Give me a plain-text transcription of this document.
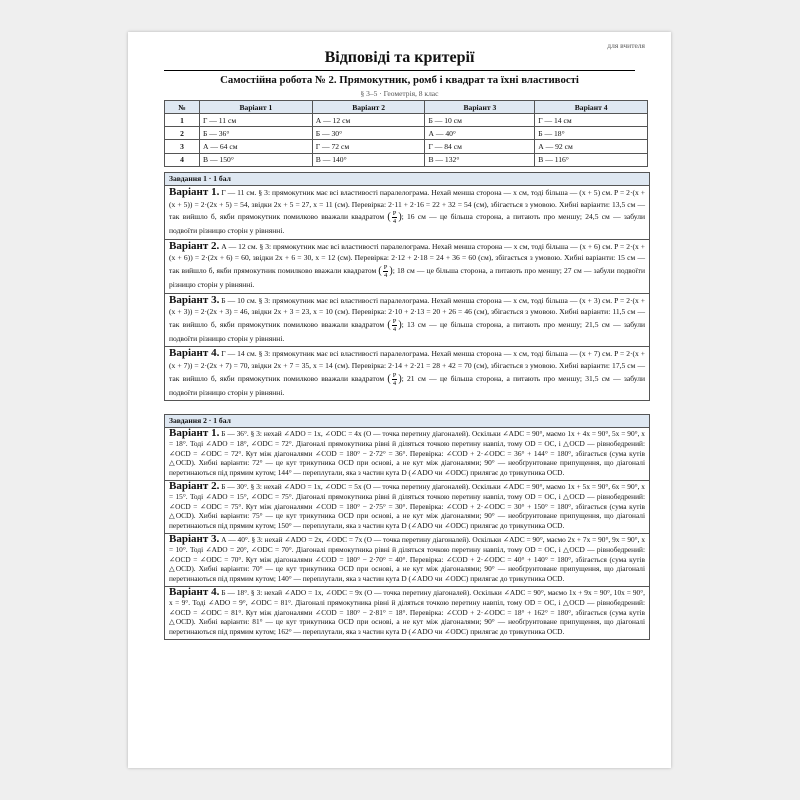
для вчителя
Відповіді та критерії
Самостійна робота № 2. Прямокутник, ромб і квадрат та їхні властивості
§ 3–5 · Геометрія, 8 клас
№	Варіант 1	Варіант 2	Варіант 3	Варіант 4
1	Г — 11 см	А — 12 см	Б — 10 см	Г — 14 см
2	Б — 36°	Б — 30°	А — 40°	Б — 18°
3	А — 64 см	Г — 72 см	Г — 84 см	А — 92 см
4	В — 150°	В — 140°	В — 132°	В — 116°
Завдання 1 · 1 бал
Варіант 1. Г — 11 см. § 3: прямокутник має всі властивості паралелограма. Нехай менша сторона — x см, тоді більша — (x + 5) см. P = 2·(x + (x + 5)) = 2·(2x + 5) = 54, звідки 2x + 5 = 27, x = 11 (см). Перевірка: 2·11 + 2·16 = 22 + 32 = 54 (см), збігається з умовою. Хибні варіанти: 13,5 см — так вийшло б, якби прямокутник помилково вважали квадратом ( $\frac{P}{4}$ ); 16 см — це більша сторона, а питають про меншу; 24,5 см — забули подвоїти різницю сторін у рівнянні.
Варіант 2. А — 12 см. § 3: прямокутник має всі властивості паралелограма. Нехай менша сторона — x см, тоді більша — (x + 6) см. P = 2·(x + (x + 6)) = 2·(2x + 6) = 60, звідки 2x + 6 = 30, x = 12 (см). Перевірка: 2·12 + 2·18 = 24 + 36 = 60 (см), збігається з умовою. Хибні варіанти: 15 см — так вийшло б, якби прямокутник помилково вважали квадратом ( $\frac{P}{4}$ ); 18 см — це більша сторона, а питають про меншу; 27 см — забули подвоїти різницю сторін у рівнянні.
Варіант 3. Б — 10 см. § 3: прямокутник має всі властивості паралелограма. Нехай менша сторона — x см, тоді більша — (x + 3) см. P = 2·(x + (x + 3)) = 2·(2x + 3) = 46, звідки 2x + 3 = 23, x = 10 (см). Перевірка: 2·10 + 2·13 = 20 + 26 = 46 (см), збігається з умовою. Хибні варіанти: 11,5 см — так вийшло б, якби прямокутник помилково вважали квадратом ( $\frac{P}{4}$ ); 13 см — це більша сторона, а питають про меншу; 21,5 см — забули подвоїти різницю сторін у рівнянні.
Варіант 4. Г — 14 см. § 3: прямокутник має всі властивості паралелограма. Нехай менша сторона — x см, тоді більша — (x + 7) см. P = 2·(x + (x + 7)) = 2·(2x + 7) = 70, звідки 2x + 7 = 35, x = 14 (см). Перевірка: 2·14 + 2·21 = 28 + 42 = 70 (см), збігається з умовою. Хибні варіанти: 17,5 см — так вийшло б, якби прямокутник помилково вважали квадратом ( $\frac{P}{4}$ ); 21 см — це більша сторона, а питають про меншу; 31,5 см — забули подвоїти різницю сторін у рівнянні.
Завдання 2 · 1 бал
Варіант 1. Б — 36°. § 3: нехай ∠ADO = 1x, ∠ODC = 4x (O — точка перетину діагоналей). Оскільки ∠ADC = 90°, маємо 1x + 4x = 90°, 5x = 90°, x = 18°. Тоді ∠ADO = 18°, ∠ODC = 72°. Діагоналі прямокутника рівні й діляться точкою перетину навпіл, тому OD = OC, і △OCD — рівнобедрений: ∠OCD = ∠ODC = 72°. Кут між діагоналями ∠COD = 180° − 2·72° = 36°. Перевірка: ∠COD + 2·∠ODC = 36° + 144° = 180°, збігається (сума кутів △OCD). Хибні варіанти: 72° — це кут трикутника OCD при основі, а не кут між діагоналями; 90° — необґрунтоване припущення, що діагоналі перетинаються під прямим кутом; 144° — переплутали, яка з частин кута D (∠ADO чи ∠ODC) прилягає до трикутника OCD.
Варіант 2. Б — 30°. § 3: нехай ∠ADO = 1x, ∠ODC = 5x (O — точка перетину діагоналей). Оскільки ∠ADC = 90°, маємо 1x + 5x = 90°, 6x = 90°, x = 15°. Тоді ∠ADO = 15°, ∠ODC = 75°. Діагоналі прямокутника рівні й діляться точкою перетину навпіл, тому OD = OC, і △OCD — рівнобедрений: ∠OCD = ∠ODC = 75°. Кут між діагоналями ∠COD = 180° − 2·75° = 30°. Перевірка: ∠COD + 2·∠ODC = 30° + 150° = 180°, збігається (сума кутів △OCD). Хибні варіанти: 75° — це кут трикутника OCD при основі, а не кут між діагоналями; 90° — необґрунтоване припущення, що діагоналі перетинаються під прямим кутом; 150° — переплутали, яка з частин кута D (∠ADO чи ∠ODC) прилягає до трикутника OCD.
Варіант 3. А — 40°. § 3: нехай ∠ADO = 2x, ∠ODC = 7x (O — точка перетину діагоналей). Оскільки ∠ADC = 90°, маємо 2x + 7x = 90°, 9x = 90°, x = 10°. Тоді ∠ADO = 20°, ∠ODC = 70°. Діагоналі прямокутника рівні й діляться точкою перетину навпіл, тому OD = OC, і △OCD — рівнобедрений: ∠OCD = ∠ODC = 70°. Кут між діагоналями ∠COD = 180° − 2·70° = 40°. Перевірка: ∠COD + 2·∠ODC = 40° + 140° = 180°, збігається (сума кутів △OCD). Хибні варіанти: 70° — це кут трикутника OCD при основі, а не кут між діагоналями; 90° — необґрунтоване припущення, що діагоналі перетинаються під прямим кутом; 140° — переплутали, яка з частин кута D (∠ADO чи ∠ODC) прилягає до трикутника OCD.
Варіант 4. Б — 18°. § 3: нехай ∠ADO = 1x, ∠ODC = 9x (O — точка перетину діагоналей). Оскільки ∠ADC = 90°, маємо 1x + 9x = 90°, 10x = 90°, x = 9°. Тоді ∠ADO = 9°, ∠ODC = 81°. Діагоналі прямокутника рівні й діляться точкою перетину навпіл, тому OD = OC, і △OCD — рівнобедрений: ∠OCD = ∠ODC = 81°. Кут між діагоналями ∠COD = 180° − 2·81° = 18°. Перевірка: ∠COD + 2·∠ODC = 18° + 162° = 180°, збігається (сума кутів △OCD). Хибні варіанти: 81° — це кут трикутника OCD при основі, а не кут між діагоналями; 90° — необґрунтоване припущення, що діагоналі перетинаються під прямим кутом; 162° — переплутали, яка з частин кута D (∠ADO чи ∠ODC) прилягає до трикутника OCD.
